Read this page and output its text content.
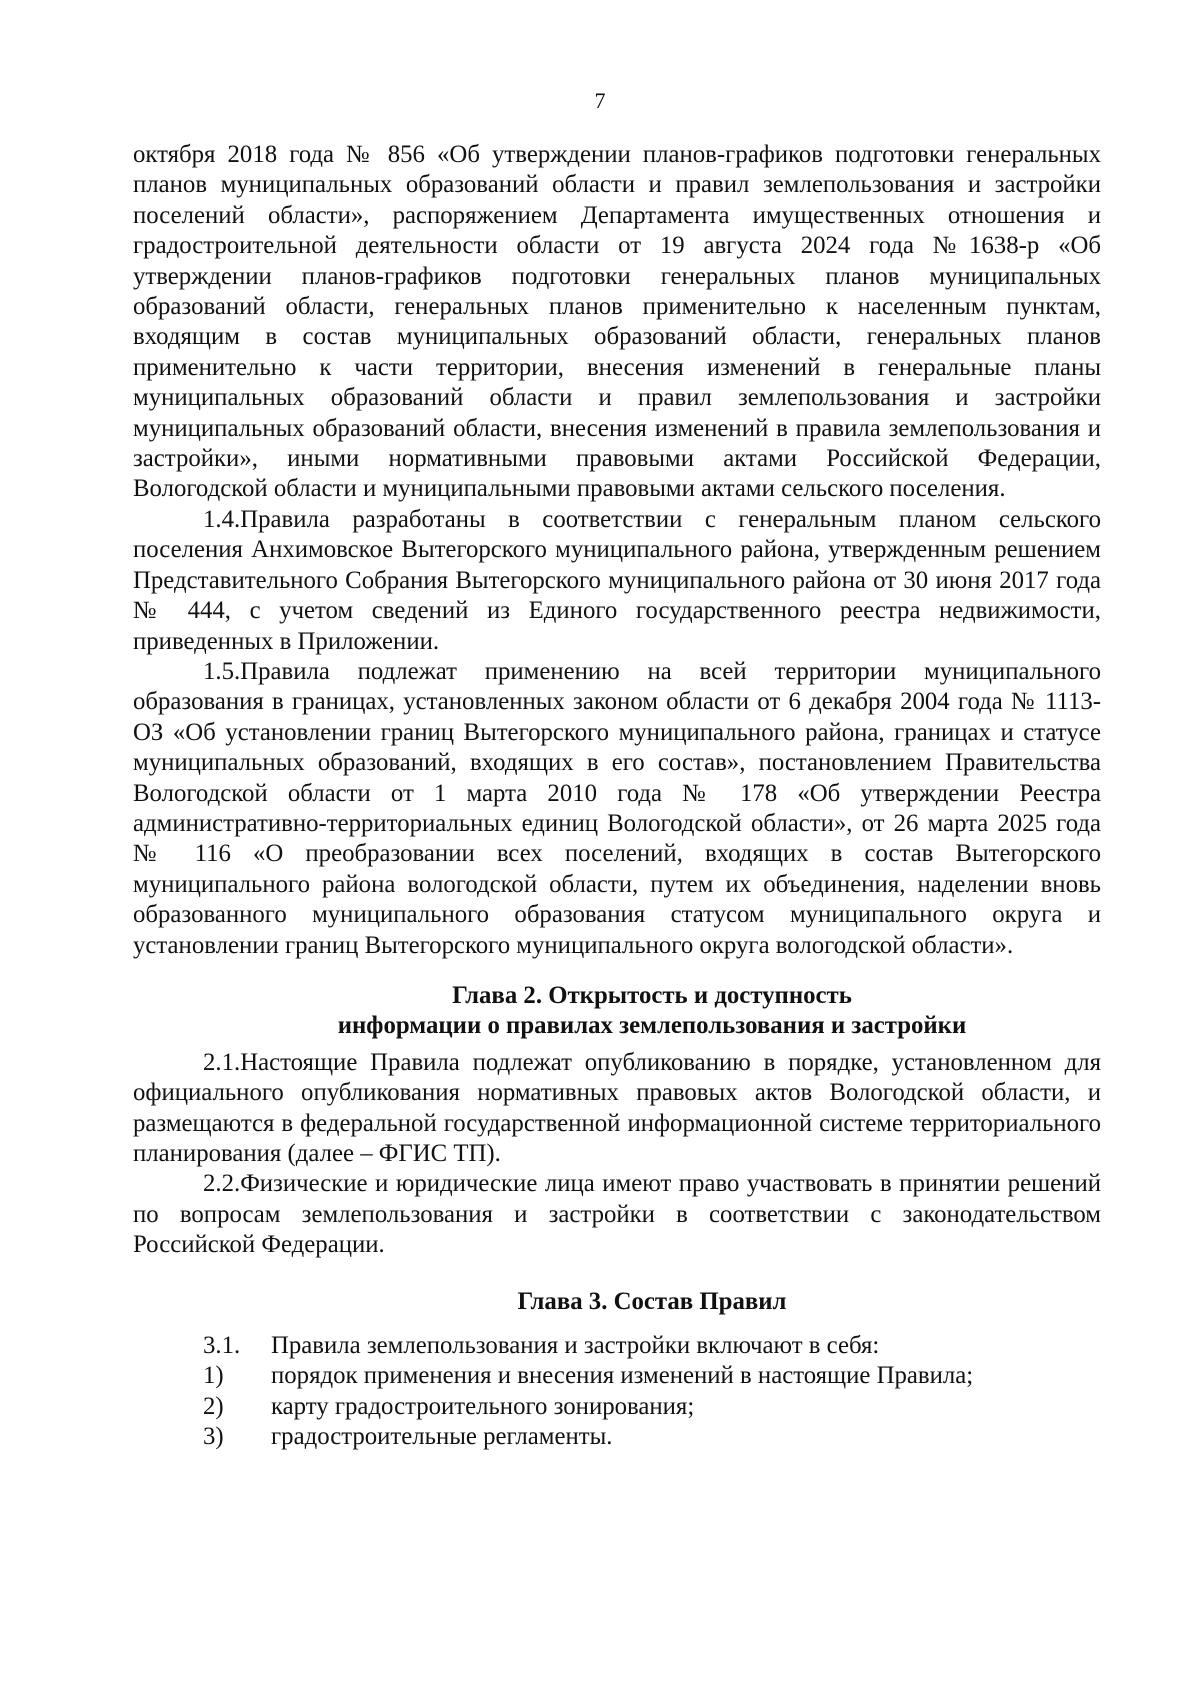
7

октября 2018 года № 856 «Об утверждении планов-графиков подготовки генеральных планов муниципальных образований области и правил землепользования и застройки поселений области», распоряжением Департамента имущественных отношения и градостроительной деятельности области от 19 августа 2024 года №1638-р «Об утверждении планов-графиков подготовки генеральных планов муниципальных образований области, генеральных планов применительно к населенным пунктам, входящим в состав муниципальных образований области, генеральных планов применительно к части территории, внесения изменений в генеральные планы муниципальных образований области и правил землепользования и застройки муниципальных образований области, внесения изменений в правила землепользования и застройки», иными нормативными правовыми актами Российской Федерации, Вологодской области и муниципальными правовыми актами сельского поселения.

1.4.Правила разработаны в соответствии с генеральным планом сельского поселения Анхимовское Вытегорского муниципального района, утвержденным решением Представительного Собрания Вытегорского муниципального района от 30 июня 2017 года № 444, с учетом сведений из Единого государственного реестра недвижимости, приведенных в Приложении.

1.5.Правила подлежат применению на всей территории муниципального образования в границах, установленных законом области от 6 декабря 2004 года № 1113-ОЗ «Об установлении границ Вытегорского муниципального района, границах и статусе муниципальных образований, входящих в его состав», постановлением Правительства Вологодской области от 1 марта 2010 года № 178 «Об утверждении Реестра административно-территориальных единиц Вологодской области», от 26 марта 2025 года № 116 «О преобразовании всех поселений, входящих в состав Вытегорского муниципального района вологодской области, путем их объединения, наделении вновь образованного муниципального образования статусом муниципального округа и установлении границ Вытегорского муниципального округа вологодской области».

Глава 2. Открытость и доступность
информации о правилах землепользования и застройки

2.1.Настоящие Правила подлежат опубликованию в порядке, установленном для официального опубликования нормативных правовых актов Вологодской области, и размещаются в федеральной государственной информационной системе территориального планирования (далее – ФГИС ТП).

2.2.Физические и юридические лица имеют право участвовать в принятии решений по вопросам землепользования и застройки в соответствии с законодательством Российской Федерации.

Глава 3. Состав Правил
3.1.	Правила землепользования и застройки включают в себя:
1)	порядок применения и внесения изменений в настоящие Правила;
2)	карту градостроительного зонирования;
3)	градостроительные регламенты.
